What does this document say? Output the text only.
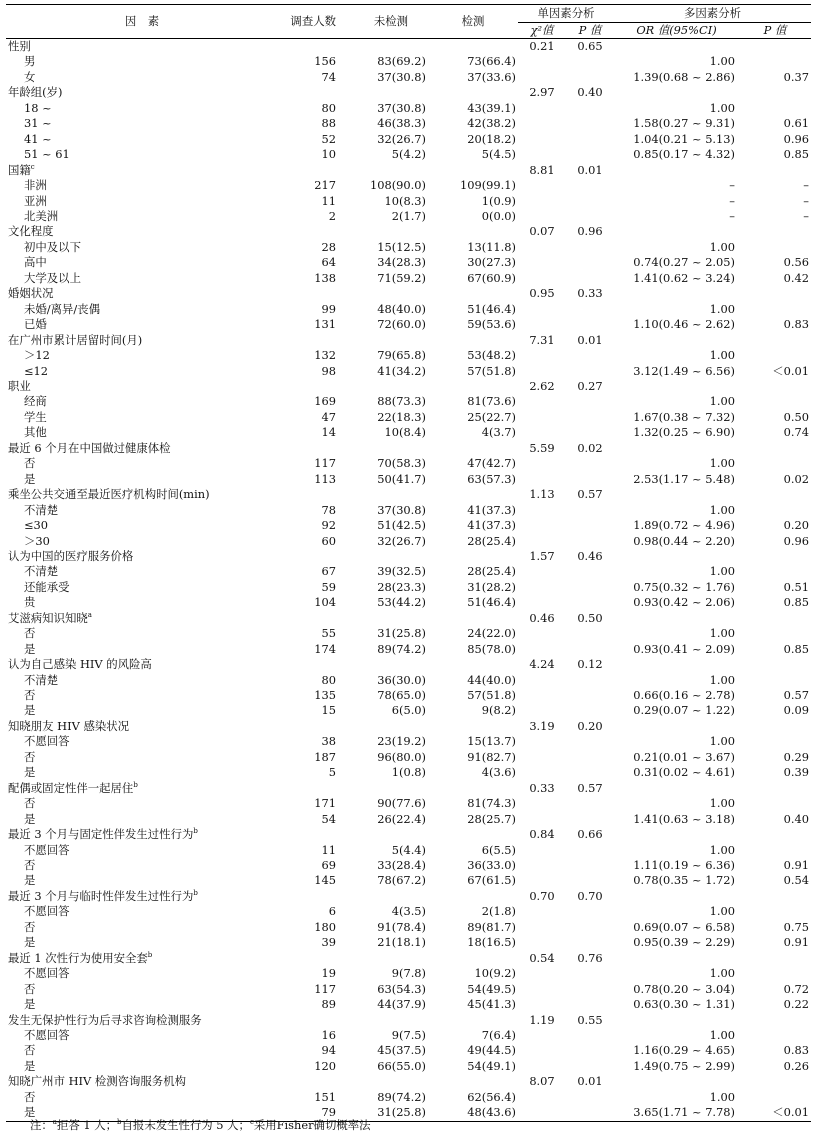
因　素	调查人数	未检测	检测	单因素分析		多因素分析	
				χ²值	P 值	OR 值(95%CI)	P 值
性别				0.21	0.65		
男	156	83(69.2)	73(66.4)			1.00	
女	74	37(30.8)	37(33.6)			1.39(0.68 ~ 2.86)	0.37
年龄组(岁)				2.97	0.40		
18 ~	80	37(30.8)	43(39.1)			1.00	
31 ~	88	46(38.3)	42(38.2)			1.58(0.27 ~ 9.31)	0.61
41 ~	52	32(26.7)	20(18.2)			1.04(0.21 ~ 5.13)	0.96
51 ~ 61	10	5(4.2)	5(4.5)			0.85(0.17 ~ 4.32)	0.85
国籍$^c$				8.81	0.01		
非洲	217	108(90.0)	109(99.1)			–	–
亚洲	11	10(8.3)	1(0.9)			–	–
北美洲	2	2(1.7)	0(0.0)			–	–
文化程度				0.07	0.96		
初中及以下	28	15(12.5)	13(11.8)			1.00	
高中	64	34(28.3)	30(27.3)			0.74(0.27 ~ 2.05)	0.56
大学及以上	138	71(59.2)	67(60.9)			1.41(0.62 ~ 3.24)	0.42
婚姻状况				0.95	0.33		
未婚/离异/丧偶	99	48(40.0)	51(46.4)			1.00	
已婚	131	72(60.0)	59(53.6)			1.10(0.46 ~ 2.62)	0.83
在广州市累计居留时间(月)				7.31	0.01		
＞12	132	79(65.8)	53(48.2)			1.00	
≤12	98	41(34.2)	57(51.8)			3.12(1.49 ~ 6.56)	＜0.01
职业				2.62	0.27		
经商	169	88(73.3)	81(73.6)			1.00	
学生	47	22(18.3)	25(22.7)			1.67(0.38 ~ 7.32)	0.50
其他	14	10(8.4)	4(3.7)			1.32(0.25 ~ 6.90)	0.74
最近 6 个月在中国做过健康体检				5.59	0.02		
否	117	70(58.3)	47(42.7)			1.00	
是	113	50(41.7)	63(57.3)			2.53(1.17 ~ 5.48)	0.02
乘坐公共交通至最近医疗机构时间(min)				1.13	0.57		
不清楚	78	37(30.8)	41(37.3)			1.00	
≤30	92	51(42.5)	41(37.3)			1.89(0.72 ~ 4.96)	0.20
＞30	60	32(26.7)	28(25.4)			0.98(0.44 ~ 2.20)	0.96
认为中国的医疗服务价格				1.57	0.46		
不清楚	67	39(32.5)	28(25.4)			1.00	
还能承受	59	28(23.3)	31(28.2)			0.75(0.32 ~ 1.76)	0.51
贵	104	53(44.2)	51(46.4)			0.93(0.42 ~ 2.06)	0.85
艾滋病知识知晓$^a$				0.46	0.50		
否	55	31(25.8)	24(22.0)			1.00	
是	174	89(74.2)	85(78.0)			0.93(0.41 ~ 2.09)	0.85
认为自己感染 HIV 的风险高				4.24	0.12		
不清楚	80	36(30.0)	44(40.0)			1.00	
否	135	78(65.0)	57(51.8)			0.66(0.16 ~ 2.78)	0.57
是	15	6(5.0)	9(8.2)			0.29(0.07 ~ 1.22)	0.09
知晓朋友 HIV 感染状况				3.19	0.20		
不愿回答	38	23(19.2)	15(13.7)			1.00	
否	187	96(80.0)	91(82.7)			0.21(0.01 ~ 3.67)	0.29
是	5	1(0.8)	4(3.6)			0.31(0.02 ~ 4.61)	0.39
配偶或固定性伴一起居住$^b$				0.33	0.57		
否	171	90(77.6)	81(74.3)			1.00	
是	54	26(22.4)	28(25.7)			1.41(0.63 ~ 3.18)	0.40
最近 3 个月与固定性伴发生过性行为$^b$				0.84	0.66		
不愿回答	11	5(4.4)	6(5.5)			1.00	
否	69	33(28.4)	36(33.0)			1.11(0.19 ~ 6.36)	0.91
是	145	78(67.2)	67(61.5)			0.78(0.35 ~ 1.72)	0.54
最近 3 个月与临时性伴发生过性行为$^b$				0.70	0.70		
不愿回答	6	4(3.5)	2(1.8)			1.00	
否	180	91(78.4)	89(81.7)			0.69(0.07 ~ 6.58)	0.75
是	39	21(18.1)	18(16.5)			0.95(0.39 ~ 2.29)	0.91
最近 1 次性行为使用安全套$^b$				0.54	0.76		
不愿回答	19	9(7.8)	10(9.2)			1.00	
否	117	63(54.3)	54(49.5)			0.78(0.20 ~ 3.04)	0.72
是	89	44(37.9)	45(41.3)			0.63(0.30 ~ 1.31)	0.22
发生无保护性行为后寻求咨询检测服务				1.19	0.55		
不愿回答	16	9(7.5)	7(6.4)			1.00	
否	94	45(37.5)	49(44.5)			1.16(0.29 ~ 4.65)	0.83
是	120	66(55.0)	54(49.1)			1.49(0.75 ~ 2.99)	0.26
知晓广州市 HIV 检测咨询服务机构				8.07	0.01		
否	151	89(74.2)	62(56.4)			1.00	
是	79	31(25.8)	48(43.6)			3.65(1.71 ~ 7.78)	＜0.01
注：$^a$拒答 1 人；$^b$自报未发生性行为 5 人；$^c$采用Fisher确切概率法
